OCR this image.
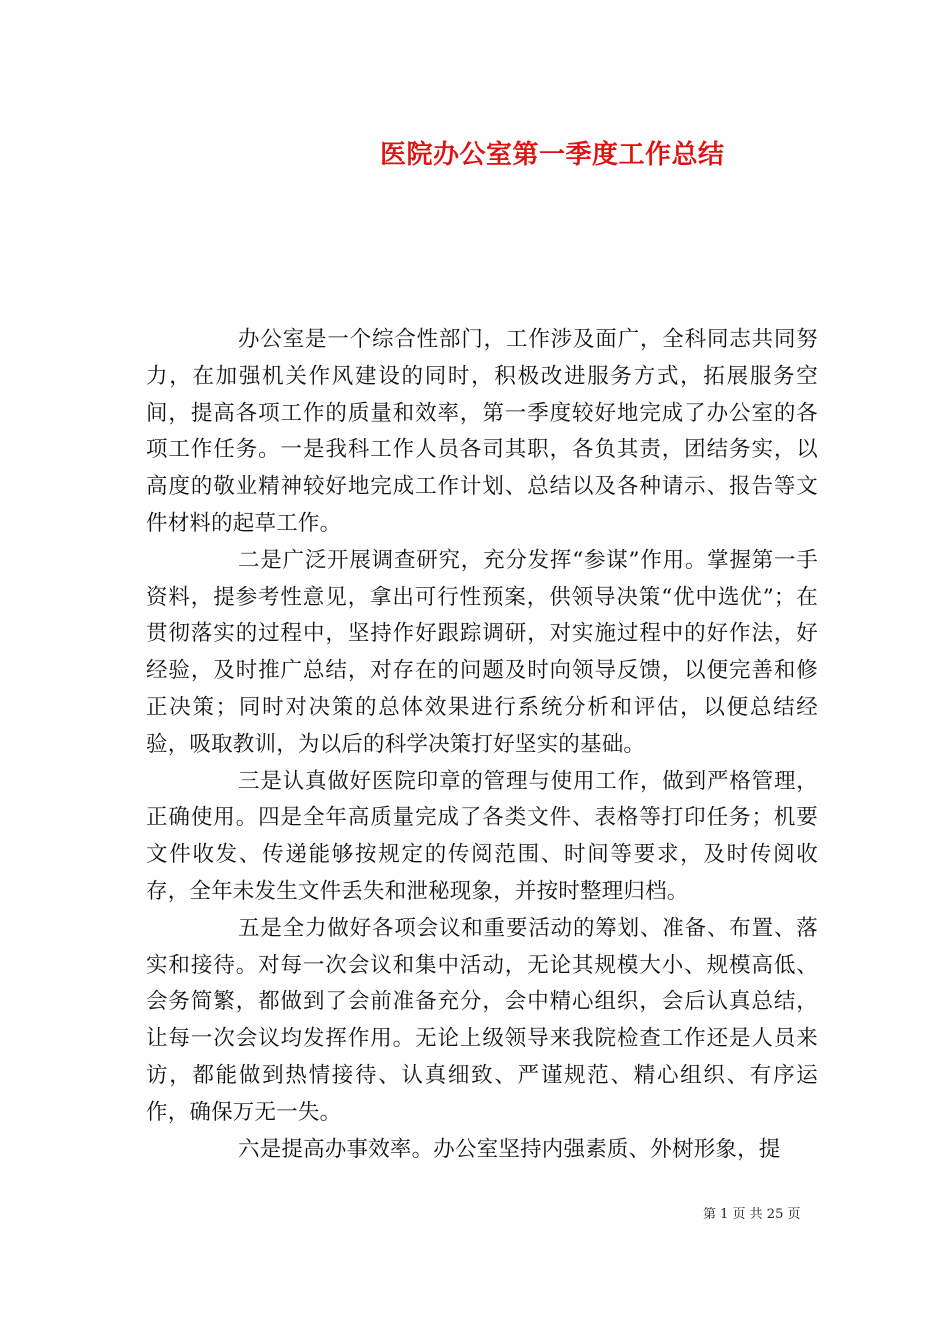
医院办公室第一季度工作总结

办公室是一个综合性部门，工作涉及面广，全科同志共同努力，在加强机关作风建设的同时，积极改进服务方式，拓展服务空间，提高各项工作的质量和效率，第一季度较好地完成了办公室的各项工作任务。一是我科工作人员各司其职，各负其责，团结务实，以高度的敬业精神较好地完成工作计划、总结以及各种请示、报告等文件材料的起草工作。

二是广泛开展调查研究，充分发挥“参谋”作用。掌握第一手资料，提参考性意见，拿出可行性预案，供领导决策“优中选优”；在贯彻落实的过程中，坚持作好跟踪调研，对实施过程中的好作法，好经验，及时推广总结，对存在的问题及时向领导反馈，以便完善和修正决策；同时对决策的总体效果进行系统分析和评估，以便总结经验，吸取教训，为以后的科学决策打好坚实的基础。

三是认真做好医院印章的管理与使用工作，做到严格管理，正确使用。四是全年高质量完成了各类文件、表格等打印任务；机要文件收发、传递能够按规定的传阅范围、时间等要求，及时传阅收存，全年未发生文件丢失和泄秘现象，并按时整理归档。

五是全力做好各项会议和重要活动的筹划、准备、布置、落实和接待。对每一次会议和集中活动，无论其规模大小、规模高低、会务简繁，都做到了会前准备充分，会中精心组织，会后认真总结，让每一次会议均发挥作用。无论上级领导来我院检查工作还是人员来访，都能做到热情接待、认真细致、严谨规范、精心组织、有序运作，确保万无一失。

六是提高办事效率。办公室坚持内强素质、外树形象，提

第 1 页 共 25 页
